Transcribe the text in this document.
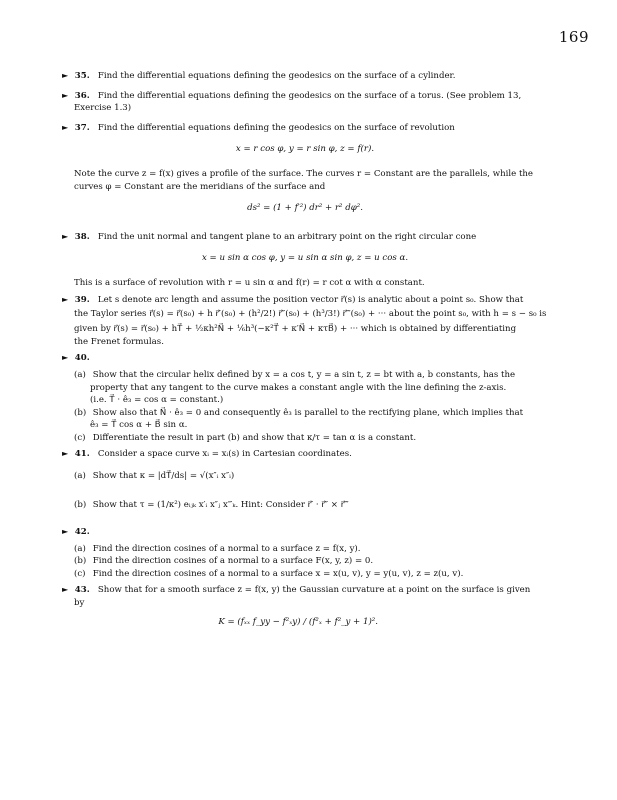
169

► 35. Find the differential equations defining the geodesics on the surface of a cylinder.

► 36. Find the differential equations defining the geodesics on the surface of a torus. (See problem 13,

Exercise 1.3)

► 37. Find the differential equations defining the geodesics on the surface of revolution

x = r cos φ, y = r sin φ, z = f(r).

Note the curve z = f(x) gives a profile of the surface. The curves r = Constant are the parallels, while the

curves φ = Constant are the meridians of the surface and

ds² = (1 + f′²) dr² + r² dφ².

► 38. Find the unit normal and tangent plane to an arbitrary point on the right circular cone

x = u sin α cos φ, y = u sin α sin φ, z = u cos α.

This is a surface of revolution with r = u sin α and f(r) = r cot α with α constant.

► 39. Let s denote arc length and assume the position vector r⃗(s) is analytic about a point s₀. Show that

the Taylor series r⃗(s) = r⃗(s₀) + h r⃗′(s₀) + (h²/2!) r⃗″(s₀) + (h³/3!) r⃗‴(s₀) + ··· about the point s₀, with h = s − s₀ is

given by r⃗(s) = r⃗(s₀) + hT⃗ + ½κh²N⃗ + ⅙h³(−κ²T⃗ + κ′N⃗ + κτB⃗) + ··· which is obtained by differentiating

the Frenet formulas.

► 40.

(a) Show that the circular helix defined by x = a cos t, y = a sin t, z = bt with a, b constants, has the
property that any tangent to the curve makes a constant angle with the line defining the z-axis.
(i.e. T⃗ · ê₃ = cos α = constant.)
(b) Show also that N⃗ · ê₃ = 0 and consequently ê₃ is parallel to the rectifying plane, which implies that
ê₃ = T⃗ cos α + B⃗ sin α.
(c) Differentiate the result in part (b) and show that κ/τ = tan α is a constant.

► 41. Consider a space curve xᵢ = xᵢ(s) in Cartesian coordinates.

(a) Show that κ = |dT⃗/ds| = √(x″ᵢ x″ᵢ)
(b) Show that τ = (1/κ²) eᵢⱼₖ x′ᵢ x″ⱼ x‴ₖ. Hint: Consider r⃗′ · r⃗″ × r⃗‴

► 42.

(a) Find the direction cosines of a normal to a surface z = f(x, y).
(b) Find the direction cosines of a normal to a surface F(x, y, z) = 0.
(c) Find the direction cosines of a normal to a surface x = x(u, v), y = y(u, v), z = z(u, v).

► 43. Show that for a smooth surface z = f(x, y) the Gaussian curvature at a point on the surface is given

by

K = (fₓₓ f_yy − f²ₓy) / (f²ₓ + f²_y + 1)².
